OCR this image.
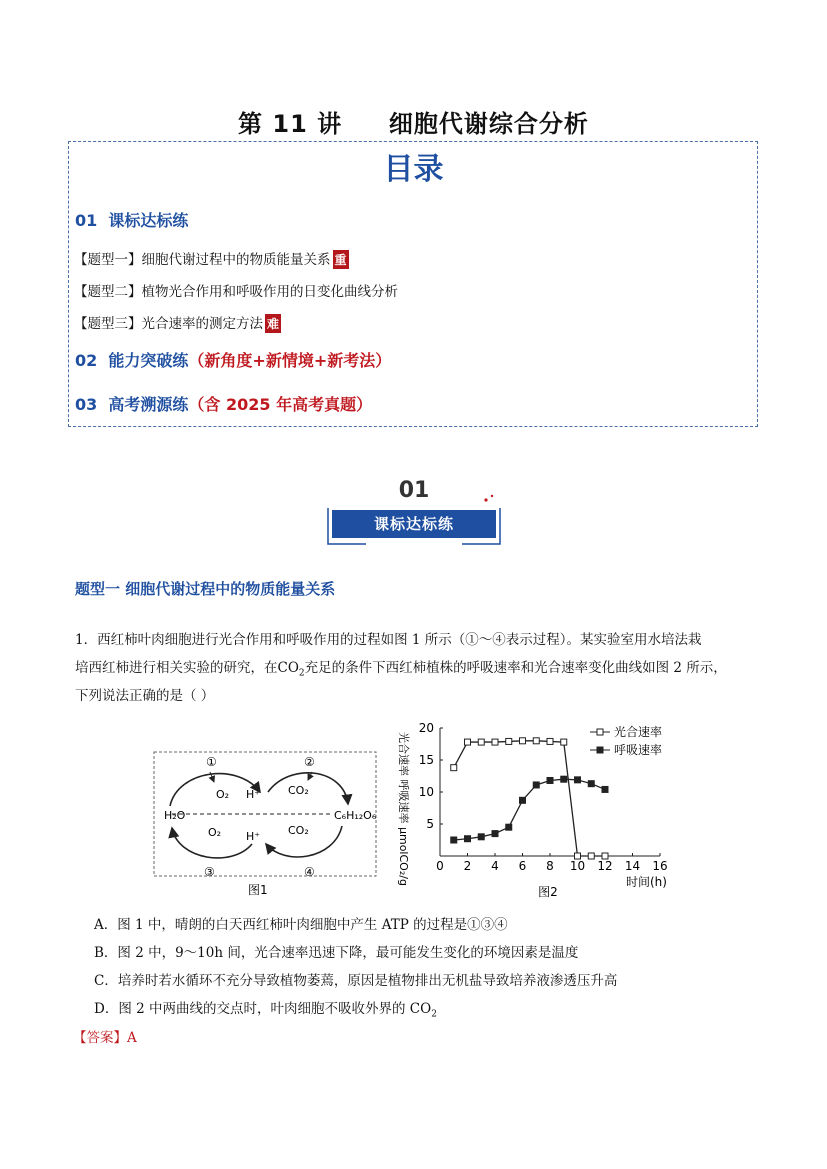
第 11 讲     细胞代谢综合分析
目录
01 课标达标练
【题型一】细胞代谢过程中的物质能量关系 重
【题型二】植物光合作用和呼吸作用的日变化曲线分析
【题型三】光合速率的测定方法 难
02 能力突破练（新角度+新情境+新考法）
03 高考溯源练（含 2025 年高考真题）
01
课标达标练
题型一 细胞代谢过程中的物质能量关系
1．西红柿叶肉细胞进行光合作用和呼吸作用的过程如图 1 所示（①～④表示过程）。某实验室用水培法栽
培西红柿进行相关实验的研究，在$CO_2$充足的条件下西红柿植株的呼吸速率和光合速率变化曲线如图 2 所示，
下列说法正确的是（ ）
H₂O	C₆H₁₂O₆
①	②
③	④
O₂ H⁺	CO₂
O₂ H⁺	CO₂
图1
0 2 4 6 8 10 12 14 16
5
10
15
20
时间(h)
光合速率 呼吸速率 μmolCO₂/g
图2
光合速率
呼吸速率
A．图 1 中，晴朗的白天西红柿叶肉细胞中产生 ATP 的过程是①③④
B．图 2 中，9～10h 间，光合速率迅速下降，最可能发生变化的环境因素是温度
C．培养时若水循环不充分导致植物萎蔫，原因是植物排出无机盐导致培养液渗透压升高
D．图 2 中两曲线的交点时，叶肉细胞不吸收外界的 $CO_2$
【答案】A
